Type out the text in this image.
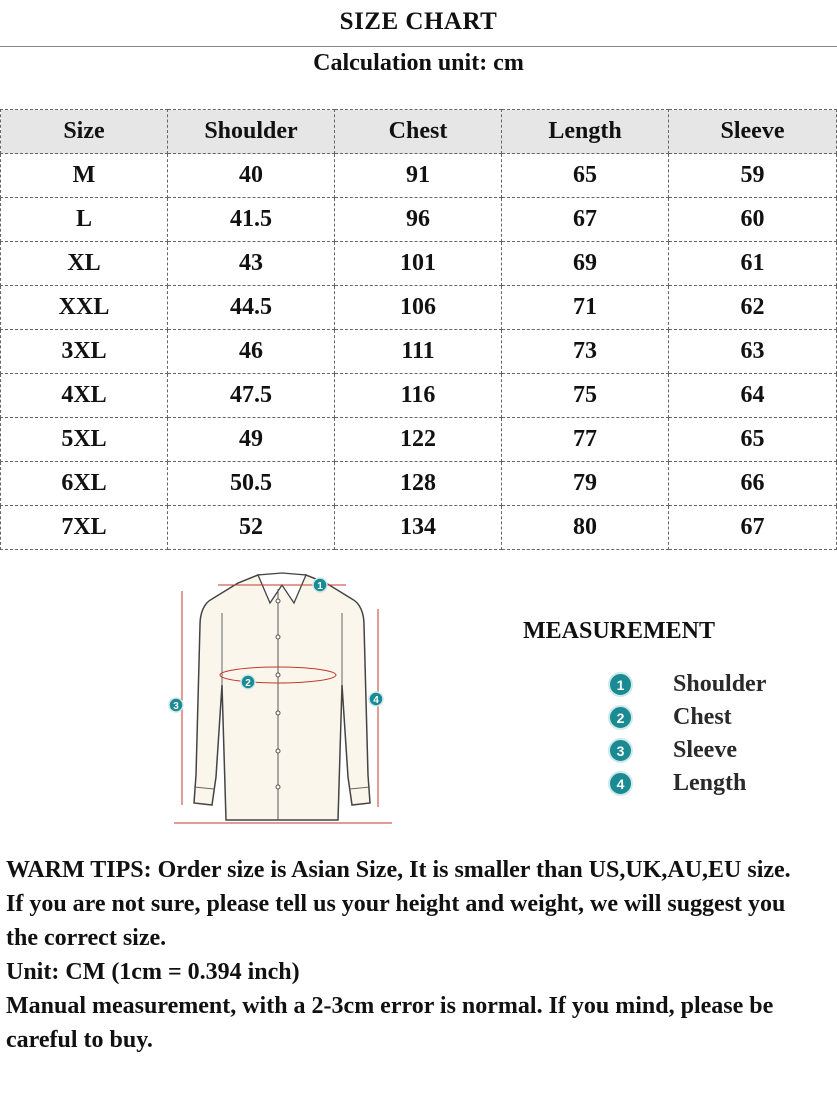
SIZE CHART
Calculation unit: cm
Size	Shoulder	Chest	Length	Sleeve
M	40	91	65	59
L	41.5	96	67	60
XL	43	101	69	61
XXL	44.5	106	71	62
3XL	46	111	73	63
4XL	47.5	116	75	64
5XL	49	122	77	65
6XL	50.5	128	79	66
7XL	52	134	80	67
1
2
3
4
MEASUREMENT
1	Shoulder
2	Chest
3	Sleeve
4	Length

WARM TIPS: Order size is Asian Size, It is smaller than US,UK,AU,EU size.

If you are not sure, please tell us your height and weight, we will suggest you the correct size.

Unit: CM (1cm = 0.394 inch)

Manual measurement, with a 2-3cm error is normal. If you mind, please be careful to buy.
